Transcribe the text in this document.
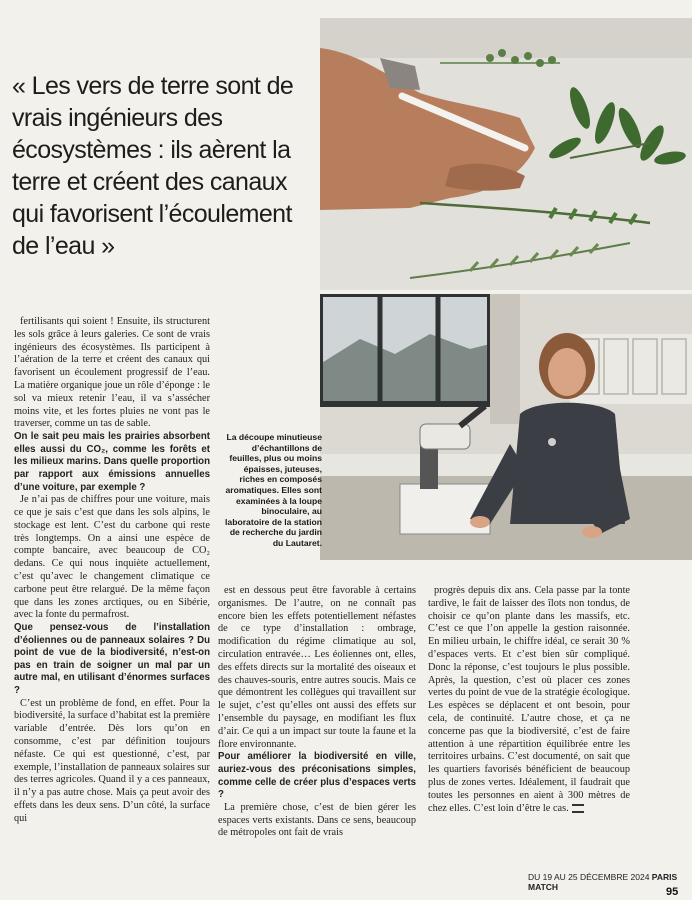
« Les vers de terre sont de vrais ingénieurs des écosystèmes : ils aèrent la terre et créent des canaux qui favorisent l’écoulement de l’eau »
La découpe minutieuse d’échantillons de feuilles, plus ou moins épaisses, juteuses, riches en composés aromatiques. Elles sont examinées à la loupe binoculaire, au laboratoire de la station de recherche du jardin du Lautaret.

fertilisants qui soient ! Ensuite, ils structurent les sols grâce à leurs galeries. Ce sont de vrais ingénieurs des écosystèmes. Ils participent à l’aération de la terre et créent des canaux qui favorisent un écoulement progressif de l’eau. La matière organique joue un rôle d’éponge : le sol va mieux retenir l’eau, il va s’assécher moins vite, et les fortes pluies ne vont pas le traverser, comme un tas de sable.

On le sait peu mais les prairies absorbent elles aussi du CO₂, comme les forêts et les milieux marins. Dans quelle proportion par rapport aux émissions annuelles d’une voiture, par exemple ?

Je n’ai pas de chiffres pour une voiture, mais ce que je sais c’est que dans les sols alpins, le stockage est lent. C’est du carbone qui reste très longtemps. On a ainsi une espèce de compte bancaire, avec beaucoup de CO₂ dedans. Ce qui nous inquiète actuellement, c’est qu’avec le changement climatique ce carbone peut être relargué. De la même façon que dans les zones arctiques, ou en Sibérie, avec la fonte du permafrost.

Que pensez-vous de l’installation d’éoliennes ou de panneaux solaires ? Du point de vue de la biodiversité, n’est-on pas en train de soigner un mal par un autre mal, en utilisant d’énormes surfaces ?

C’est un problème de fond, en effet. Pour la biodiversité, la surface d’habitat est la première variable d’entrée. Dès lors qu’on en consomme, c’est par définition toujours néfaste. Ce qui est questionné, c’est, par exemple, l’installation de panneaux solaires sur des terres agricoles. Quand il y a ces panneaux, il n’y a pas autre chose. Mais ça peut avoir des effets dans les deux sens. D’un côté, la surface qui

est en dessous peut être favorable à certains organismes. De l’autre, on ne connaît pas encore bien les effets potentiellement néfastes de ce type d’installation : ombrage, modification du régime climatique au sol, circulation entravée… Les éoliennes ont, elles, des effets directs sur la mortalité des oiseaux et des chauves-souris, entre autres soucis. Mais ce que démontrent les collègues qui travaillent sur le sujet, c’est qu’elles ont aussi des effets sur l’ensemble du paysage, en modifiant les flux d’air. Ce qui a un impact sur toute la faune et la flore environnante.

Pour améliorer la biodiversité en ville, auriez-vous des préconisations simples, comme celle de créer plus d’espaces verts ?

La première chose, c’est de bien gérer les espaces verts existants. Dans ce sens, beaucoup de métropoles ont fait de vrais

progrès depuis dix ans. Cela passe par la tonte tardive, le fait de laisser des îlots non tondus, de choisir ce qu’on plante dans les massifs, etc. C’est ce que l’on appelle la gestion raisonnée. En milieu urbain, le chiffre idéal, ce serait 30 % d’espaces verts. Et c’est bien sûr compliqué. Donc la réponse, c’est toujours le plus possible. Après, la question, c’est où placer ces zones vertes du point de vue de la stratégie écologique. Les espèces se déplacent et ont besoin, pour cela, de continuité. L’autre chose, et ça ne concerne pas que la biodiversité, c’est de faire attention à une répartition équilibrée entre les territoires urbains. C’est documenté, on sait que les quartiers favorisés bénéficient de beaucoup plus de zones vertes. Idéalement, il faudrait que toutes les personnes en aient à 300 mètres de chez elles. C’est loin d’être le cas.

DU 19 AU 25 DÉCEMBRE 2024 PARIS MATCH	95
